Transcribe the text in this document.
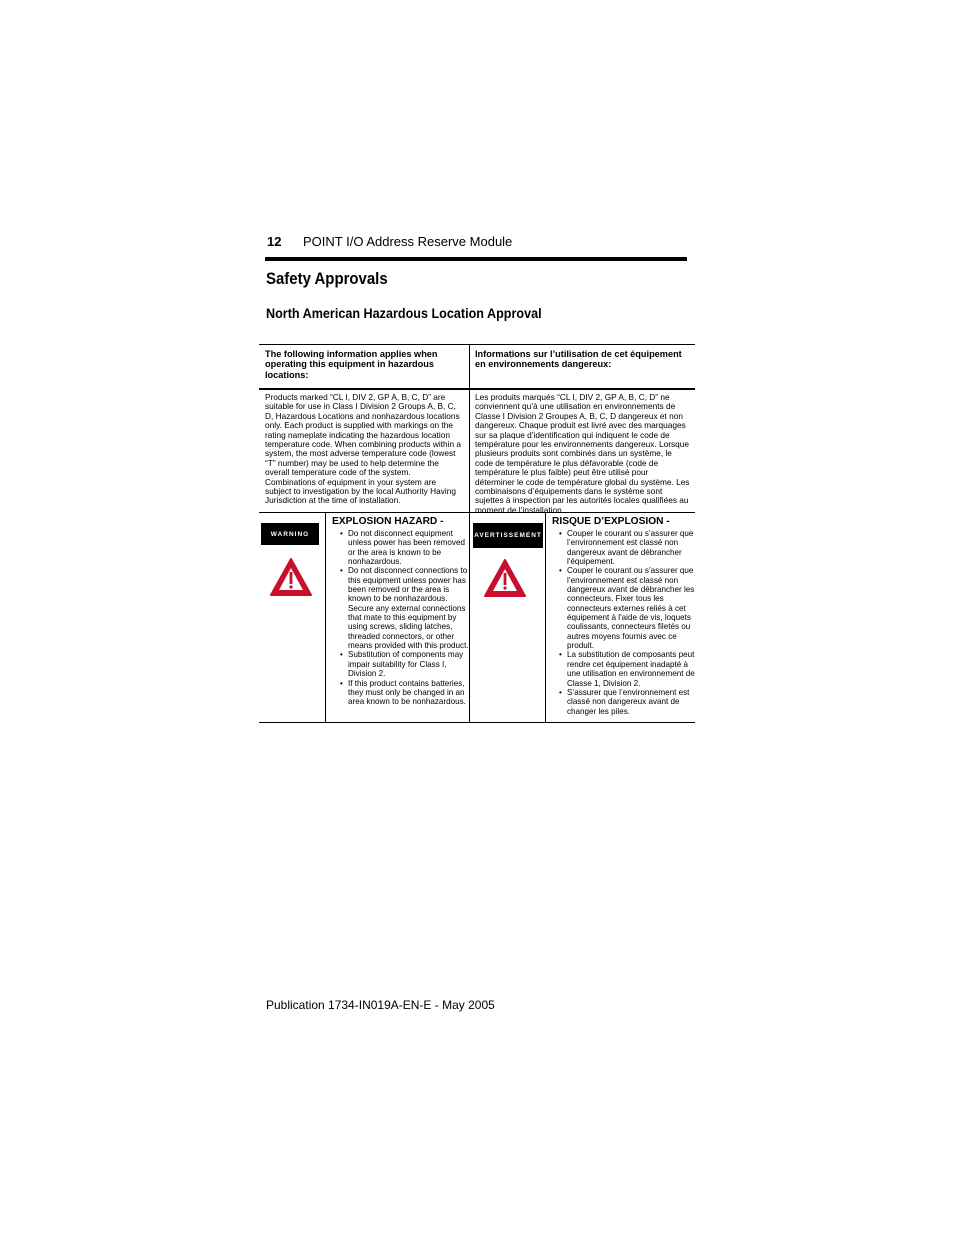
12 POINT I/O Address Reserve Module
Safety Approvals
North American Hazardous Location Approval
The following information applies when operating this equipment in hazardous locations:
Informations sur l’utilisation de cet équipement en environnements dangereux:
Products marked “CL I, DIV 2, GP A, B, C, D” are suitable for use in Class I Division 2 Groups A, B, C, D, Hazardous Locations and nonhazardous locations only. Each product is supplied with markings on the rating nameplate indicating the hazardous location temperature code. When combining products within a system, the most adverse temperature code (lowest “T” number) may be used to help determine the overall temperature code of the system. Combinations of equipment in your system are subject to investigation by the local Authority Having Jurisdiction at the time of installation.
Les produits marqués “CL I, DIV 2, GP A, B, C, D” ne conviennent qu’à une utilisation en environnements de Classe I Division 2 Groupes A, B, C, D dangereux et non dangereux. Chaque produit est livré avec des marquages sur sa plaque d’identification qui indiquent le code de température pour les environnements dangereux. Lorsque plusieurs produits sont combinés dans un système, le code de température le plus défavorable (code de température le plus faible) peut être utilisé pour déterminer le code de température global du système. Les combinaisons d’équipements dans le système sont sujettes à inspection par les autorités locales qualifiées au moment de l’installation.
WARNING
EXPLOSION HAZARD -
• Do not disconnect equipment unless power has been removed or the area is known to be nonhazardous.
• Do not disconnect connections to this equipment unless power has been removed or the area is known to be nonhazardous. Secure any external connections that mate to this equipment by using screws, sliding latches, threaded connectors, or other means provided with this product.
• Substitution of components may impair suitability for Class I, Division 2.
• If this product contains batteries, they must only be changed in an area known to be nonhazardous.
AVERTISSEMENT
RISQUE D’EXPLOSION -
• Couper le courant ou s’assurer que l’environnement est classé non dangereux avant de débrancher l'équipement.
• Couper le courant ou s’assurer que l’environnement est classé non dangereux avant de débrancher les connecteurs. Fixer tous les connecteurs externes reliés à cet équipement à l'aide de vis, loquets coulissants, connecteurs filetés ou autres moyens fournis avec ce produit.
• La substitution de composants peut rendre cet équipement inadapté à une utilisation en environnement de Classe 1, Division 2.
• S’assurer que l’environnement est classé non dangereux avant de changer les piles.
Publication 1734-IN019A-EN-E - May 2005
